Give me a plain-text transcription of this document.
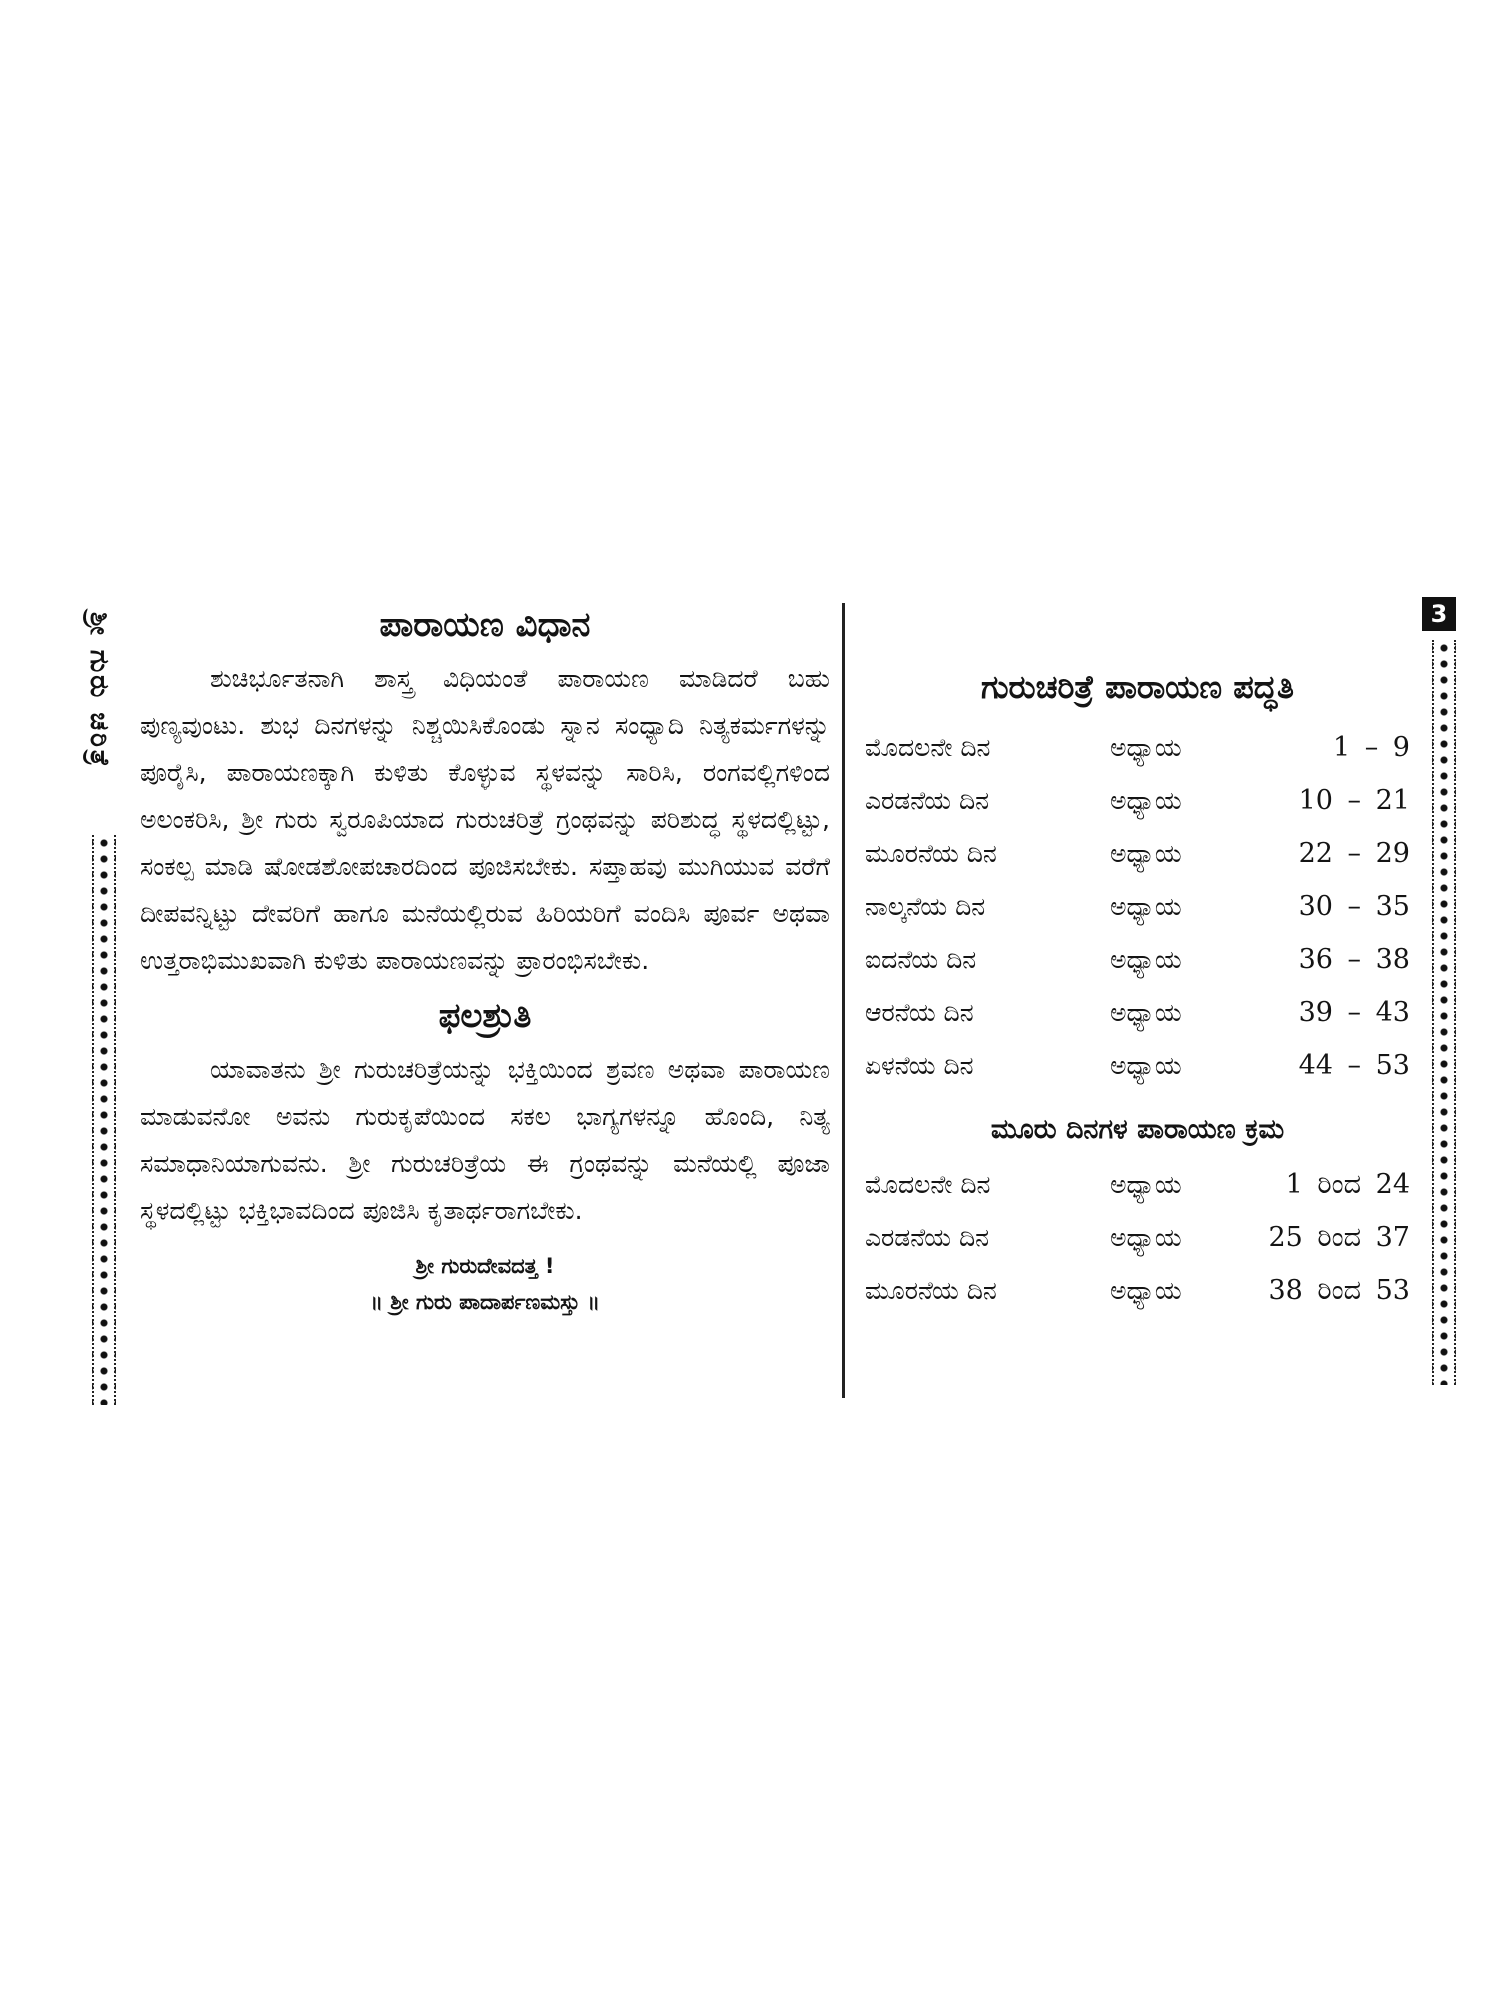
ಶ್ರೀ ಗುರು ಚರಿತ್ರೆ	3
ಪಾರಾಯಣ ವಿಧಾನ

ಶುಚಿರ್ಭೂತನಾಗಿ ಶಾಸ್ತ್ರ ವಿಧಿಯಂತೆ ಪಾರಾಯಣ ಮಾಡಿದರೆ ಬಹು ಪುಣ್ಯವುಂಟು. ಶುಭ ದಿನಗಳನ್ನು ನಿಶ್ಚಯಿಸಿಕೊಂಡು ಸ್ನಾನ ಸಂಧ್ಯಾದಿ ನಿತ್ಯಕರ್ಮಗಳನ್ನು ಪೂರೈಸಿ, ಪಾರಾಯಣಕ್ಕಾಗಿ ಕುಳಿತು ಕೊಳ್ಳುವ ಸ್ಥಳವನ್ನು ಸಾರಿಸಿ, ರಂಗವಲ್ಲಿಗಳಿಂದ ಅಲಂಕರಿಸಿ, ಶ್ರೀ ಗುರು ಸ್ವರೂಪಿಯಾದ ಗುರುಚರಿತ್ರೆ ಗ್ರಂಥವನ್ನು ಪರಿಶುದ್ಧ ಸ್ಥಳದಲ್ಲಿಟ್ಟು, ಸಂಕಲ್ಪ ಮಾಡಿ ಷೋಡಶೋಪಚಾರದಿಂದ ಪೂಜಿಸಬೇಕು. ಸಪ್ತಾಹವು ಮುಗಿಯುವ ವರೆಗೆ ದೀಪವನ್ನಿಟ್ಟು ದೇವರಿಗೆ ಹಾಗೂ ಮನೆಯಲ್ಲಿರುವ ಹಿರಿಯರಿಗೆ ವಂದಿಸಿ ಪೂರ್ವ ಅಥವಾ ಉತ್ತರಾಭಿಮುಖವಾಗಿ ಕುಳಿತು ಪಾರಾಯಣವನ್ನು ಪ್ರಾರಂಭಿಸಬೇಕು.

ಫಲಶ್ರುತಿ

ಯಾವಾತನು ಶ್ರೀ ಗುರುಚರಿತ್ರೆಯನ್ನು ಭಕ್ತಿಯಿಂದ ಶ್ರವಣ ಅಥವಾ ಪಾರಾಯಣ ಮಾಡುವನೋ ಅವನು ಗುರುಕೃಪೆಯಿಂದ ಸಕಲ ಭಾಗ್ಯಗಳನ್ನೂ ಹೊಂದಿ, ನಿತ್ಯ ಸಮಾಧಾನಿಯಾಗುವನು. ಶ್ರೀ ಗುರುಚರಿತ್ರೆಯ ಈ ಗ್ರಂಥವನ್ನು ಮನೆಯಲ್ಲಿ ಪೂಜಾ ಸ್ಥಳದಲ್ಲಿಟ್ಟು ಭಕ್ತಿಭಾವದಿಂದ ಪೂಜಿಸಿ ಕೃತಾರ್ಥರಾಗಬೇಕು.

ಶ್ರೀ ಗುರುದೇವದತ್ತ !
॥ ಶ್ರೀ ಗುರು ಪಾದಾರ್ಪಣಮಸ್ತು ॥
ಗುರುಚರಿತ್ರೆ ಪಾರಾಯಣ ಪದ್ಧತಿ
ಮೊದಲನೇ ದಿನ	ಅಧ್ಯಾಯ	1 – 9
ಎರಡನೆಯ ದಿನ	ಅಧ್ಯಾಯ	10 – 21
ಮೂರನೆಯ ದಿನ	ಅಧ್ಯಾಯ	22 – 29
ನಾಲ್ಕನೆಯ ದಿನ	ಅಧ್ಯಾಯ	30 – 35
ಐದನೆಯ ದಿನ	ಅಧ್ಯಾಯ	36 – 38
ಆರನೆಯ ದಿನ	ಅಧ್ಯಾಯ	39 – 43
ಏಳನೆಯ ದಿನ	ಅಧ್ಯಾಯ	44 – 53
ಮೂರು ದಿನಗಳ ಪಾರಾಯಣ ಕ್ರಮ
ಮೊದಲನೇ ದಿನ	ಅಧ್ಯಾಯ	1 ರಿಂದ 24
ಎರಡನೆಯ ದಿನ	ಅಧ್ಯಾಯ	25 ರಿಂದ 37
ಮೂರನೆಯ ದಿನ	ಅಧ್ಯಾಯ	38 ರಿಂದ 53
